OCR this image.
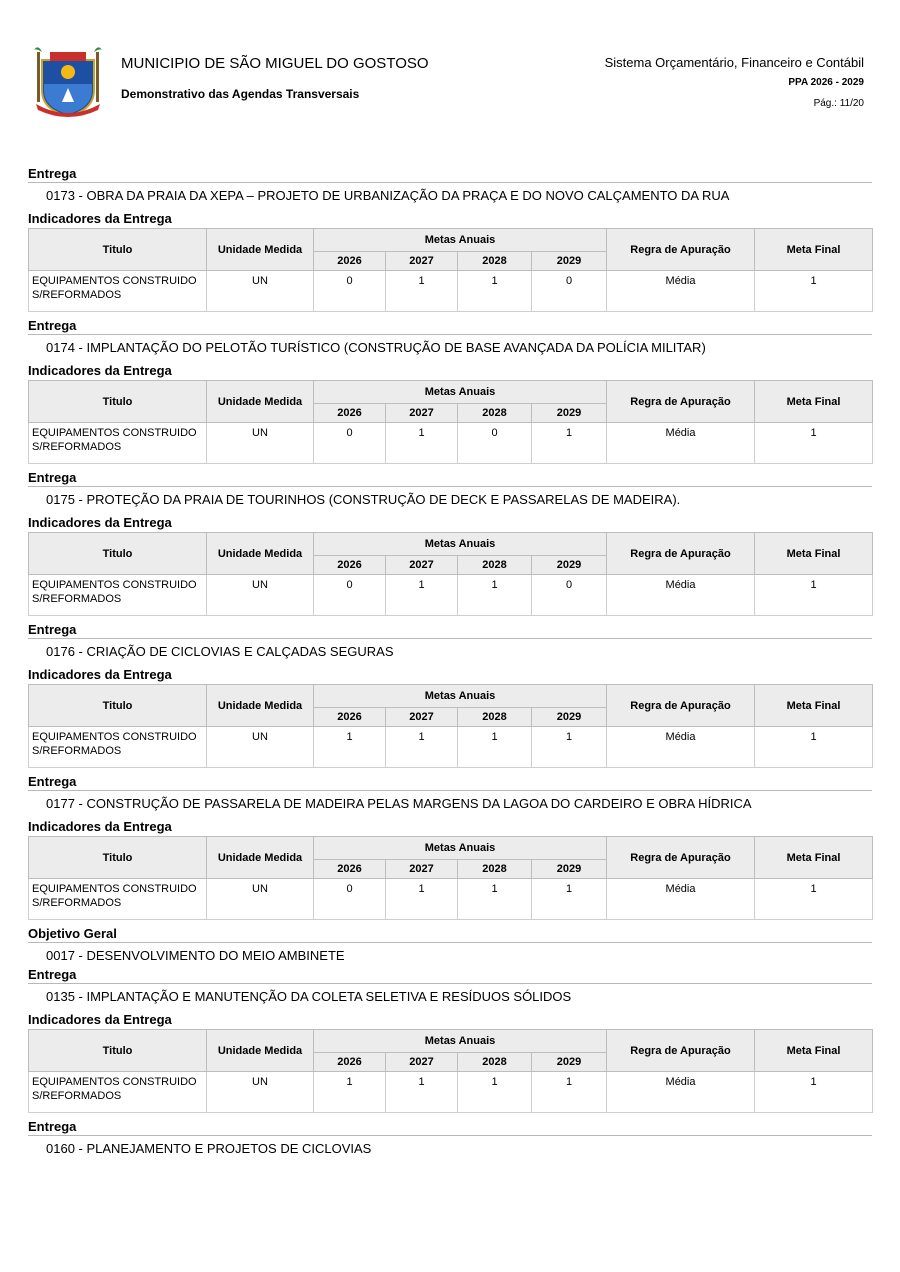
MUNICIPIO DE SÃO MIGUEL DO GOSTOSO
Demonstrativo das Agendas Transversais
Sistema Orçamentário, Financeiro e Contábil
PPA 2026 - 2029
Pág.: 11/20
Entrega
0173 - OBRA DA PRAIA DA XEPA – PROJETO DE URBANIZAÇÃO DA PRAÇA E DO NOVO CALÇAMENTO DA RUA
Indicadores da Entrega
Titulo	Unidade Medida	Metas Anuais				Regra de Apuração	Meta Final
		2026	2027	2028	2029		
EQUIPAMENTOS CONSTRUIDOS/REFORMADOS	UN	0	1	1	0	Média	1
Entrega
0174 - IMPLANTAÇÃO DO PELOTÃO TURÍSTICO (CONSTRUÇÃO DE BASE AVANÇADA DA POLÍCIA MILITAR)
Indicadores da Entrega
Titulo	Unidade Medida	Metas Anuais				Regra de Apuração	Meta Final
		2026	2027	2028	2029		
EQUIPAMENTOS CONSTRUIDOS/REFORMADOS	UN	0	1	0	1	Média	1
Entrega
0175 - PROTEÇÃO DA PRAIA DE TOURINHOS (CONSTRUÇÃO DE DECK E PASSARELAS DE MADEIRA).
Indicadores da Entrega
Titulo	Unidade Medida	Metas Anuais				Regra de Apuração	Meta Final
		2026	2027	2028	2029		
EQUIPAMENTOS CONSTRUIDOS/REFORMADOS	UN	0	1	1	0	Média	1
Entrega
0176 - CRIAÇÃO DE CICLOVIAS E CALÇADAS SEGURAS
Indicadores da Entrega
Titulo	Unidade Medida	Metas Anuais				Regra de Apuração	Meta Final
		2026	2027	2028	2029		
EQUIPAMENTOS CONSTRUIDOS/REFORMADOS	UN	1	1	1	1	Média	1
Entrega
0177 - CONSTRUÇÃO DE PASSARELA DE MADEIRA PELAS MARGENS DA LAGOA DO CARDEIRO E OBRA HÍDRICA
Indicadores da Entrega
Titulo	Unidade Medida	Metas Anuais				Regra de Apuração	Meta Final
		2026	2027	2028	2029		
EQUIPAMENTOS CONSTRUIDOS/REFORMADOS	UN	0	1	1	1	Média	1
Objetivo Geral
0017 - DESENVOLVIMENTO DO MEIO AMBINETE
Entrega
0135 - IMPLANTAÇÃO E MANUTENÇÃO DA COLETA SELETIVA E RESÍDUOS SÓLIDOS
Indicadores da Entrega
Titulo	Unidade Medida	Metas Anuais				Regra de Apuração	Meta Final
		2026	2027	2028	2029		
EQUIPAMENTOS CONSTRUIDOS/REFORMADOS	UN	1	1	1	1	Média	1
Entrega
0160 - PLANEJAMENTO E PROJETOS DE CICLOVIAS
